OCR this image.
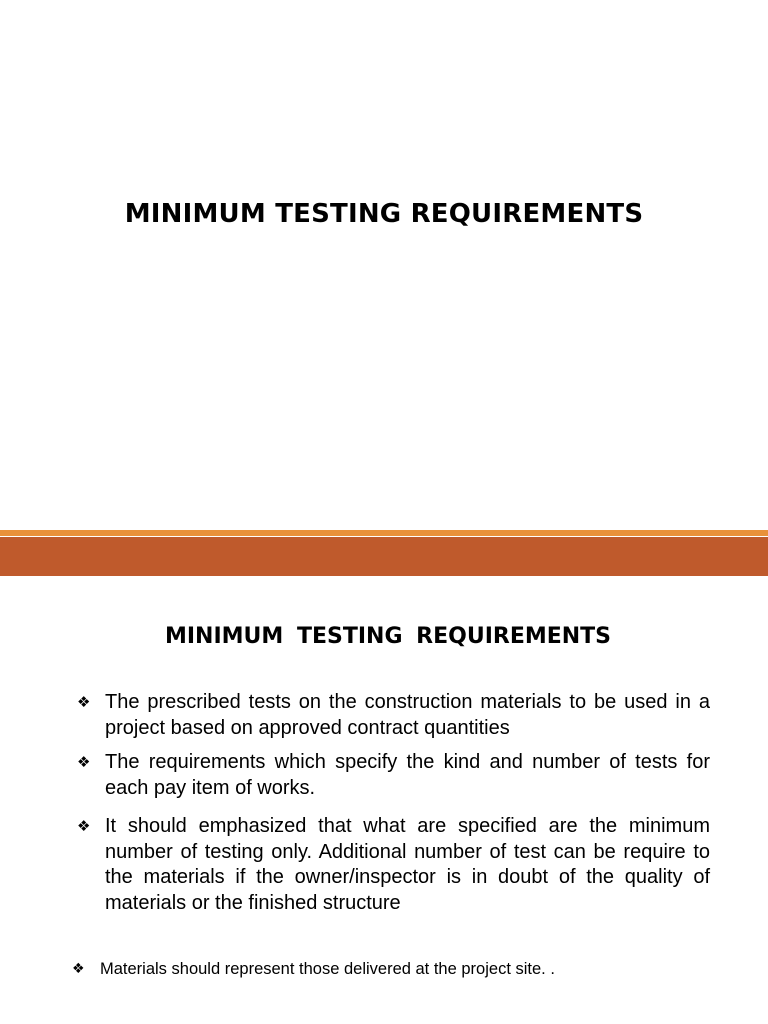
MINIMUM TESTING REQUIREMENTS
MINIMUM TESTING REQUIREMENTS
❖ The prescribed tests on the construction materials to be used in a project based on approved contract quantities
❖ The requirements which specify the kind and number of tests for each pay item of works.
❖ It should emphasized that what are specified are the minimum number of testing only. Additional number of test can be require to the materials if the owner/inspector is in doubt of the quality of materials or the finished structure
❖ Materials should represent those delivered at the project site. .
